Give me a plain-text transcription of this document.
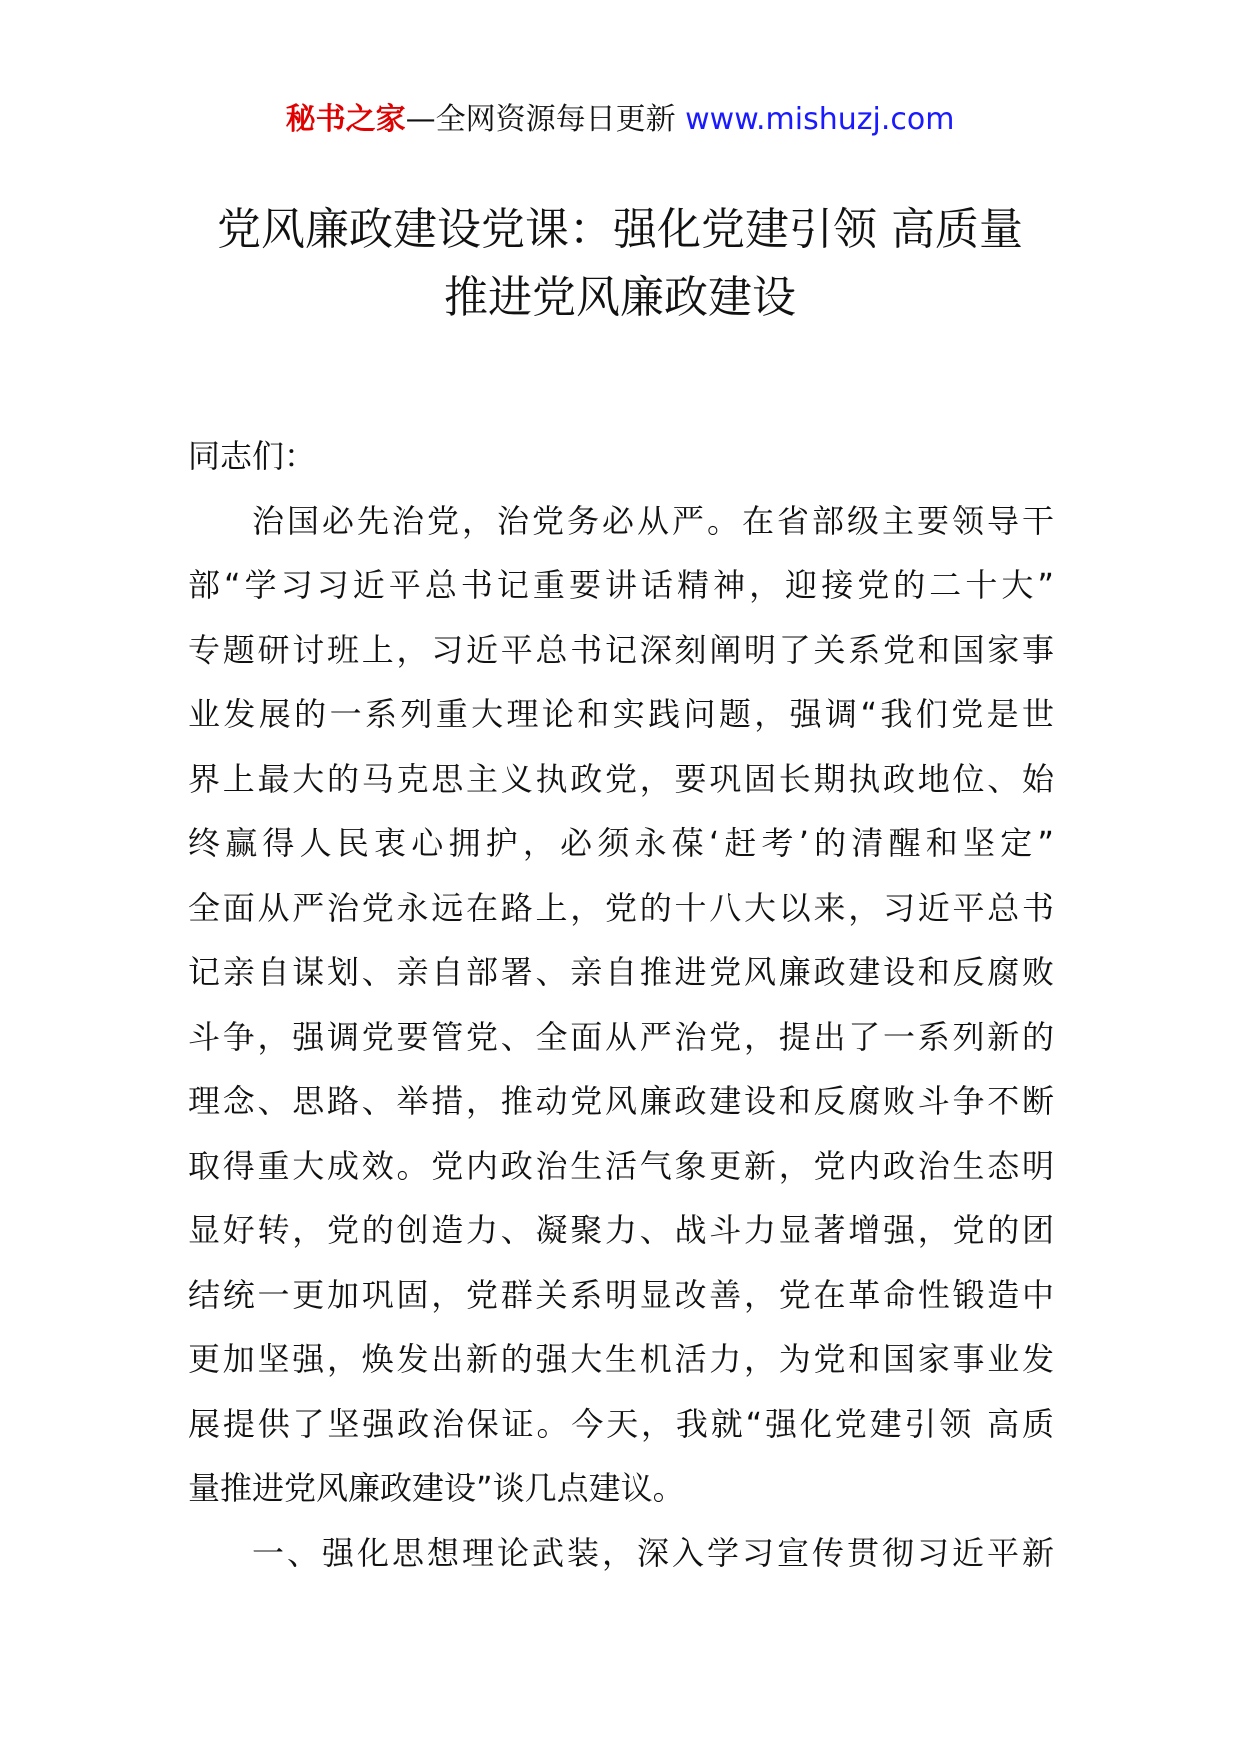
秘书之家—全网资源每日更新 www.mishuzj.com
党风廉政建设党课：强化党建引领 高质量
推进党风廉政建设
同志们：
治国必先治党，治党务必从严。在省部级主要领导干
部“学习习近平总书记重要讲话精神，迎接党的二十大”
专题研讨班上，习近平总书记深刻阐明了关系党和国家事
业发展的一系列重大理论和实践问题，强调“我们党是世
界上最大的马克思主义执政党，要巩固长期执政地位、始
终赢得人民衷心拥护，必须永葆‘赶考’的清醒和坚定”
全面从严治党永远在路上，党的十八大以来，习近平总书
记亲自谋划、亲自部署、亲自推进党风廉政建设和反腐败
斗争，强调党要管党、全面从严治党，提出了一系列新的
理念、思路、举措，推动党风廉政建设和反腐败斗争不断
取得重大成效。党内政治生活气象更新，党内政治生态明
显好转，党的创造力、凝聚力、战斗力显著增强，党的团
结统一更加巩固，党群关系明显改善，党在革命性锻造中
更加坚强，焕发出新的强大生机活力，为党和国家事业发
展提供了坚强政治保证。今天，我就“强化党建引领 高质
量推进党风廉政建设”谈几点建议。
一、强化思想理论武装，深入学习宣传贯彻习近平新
